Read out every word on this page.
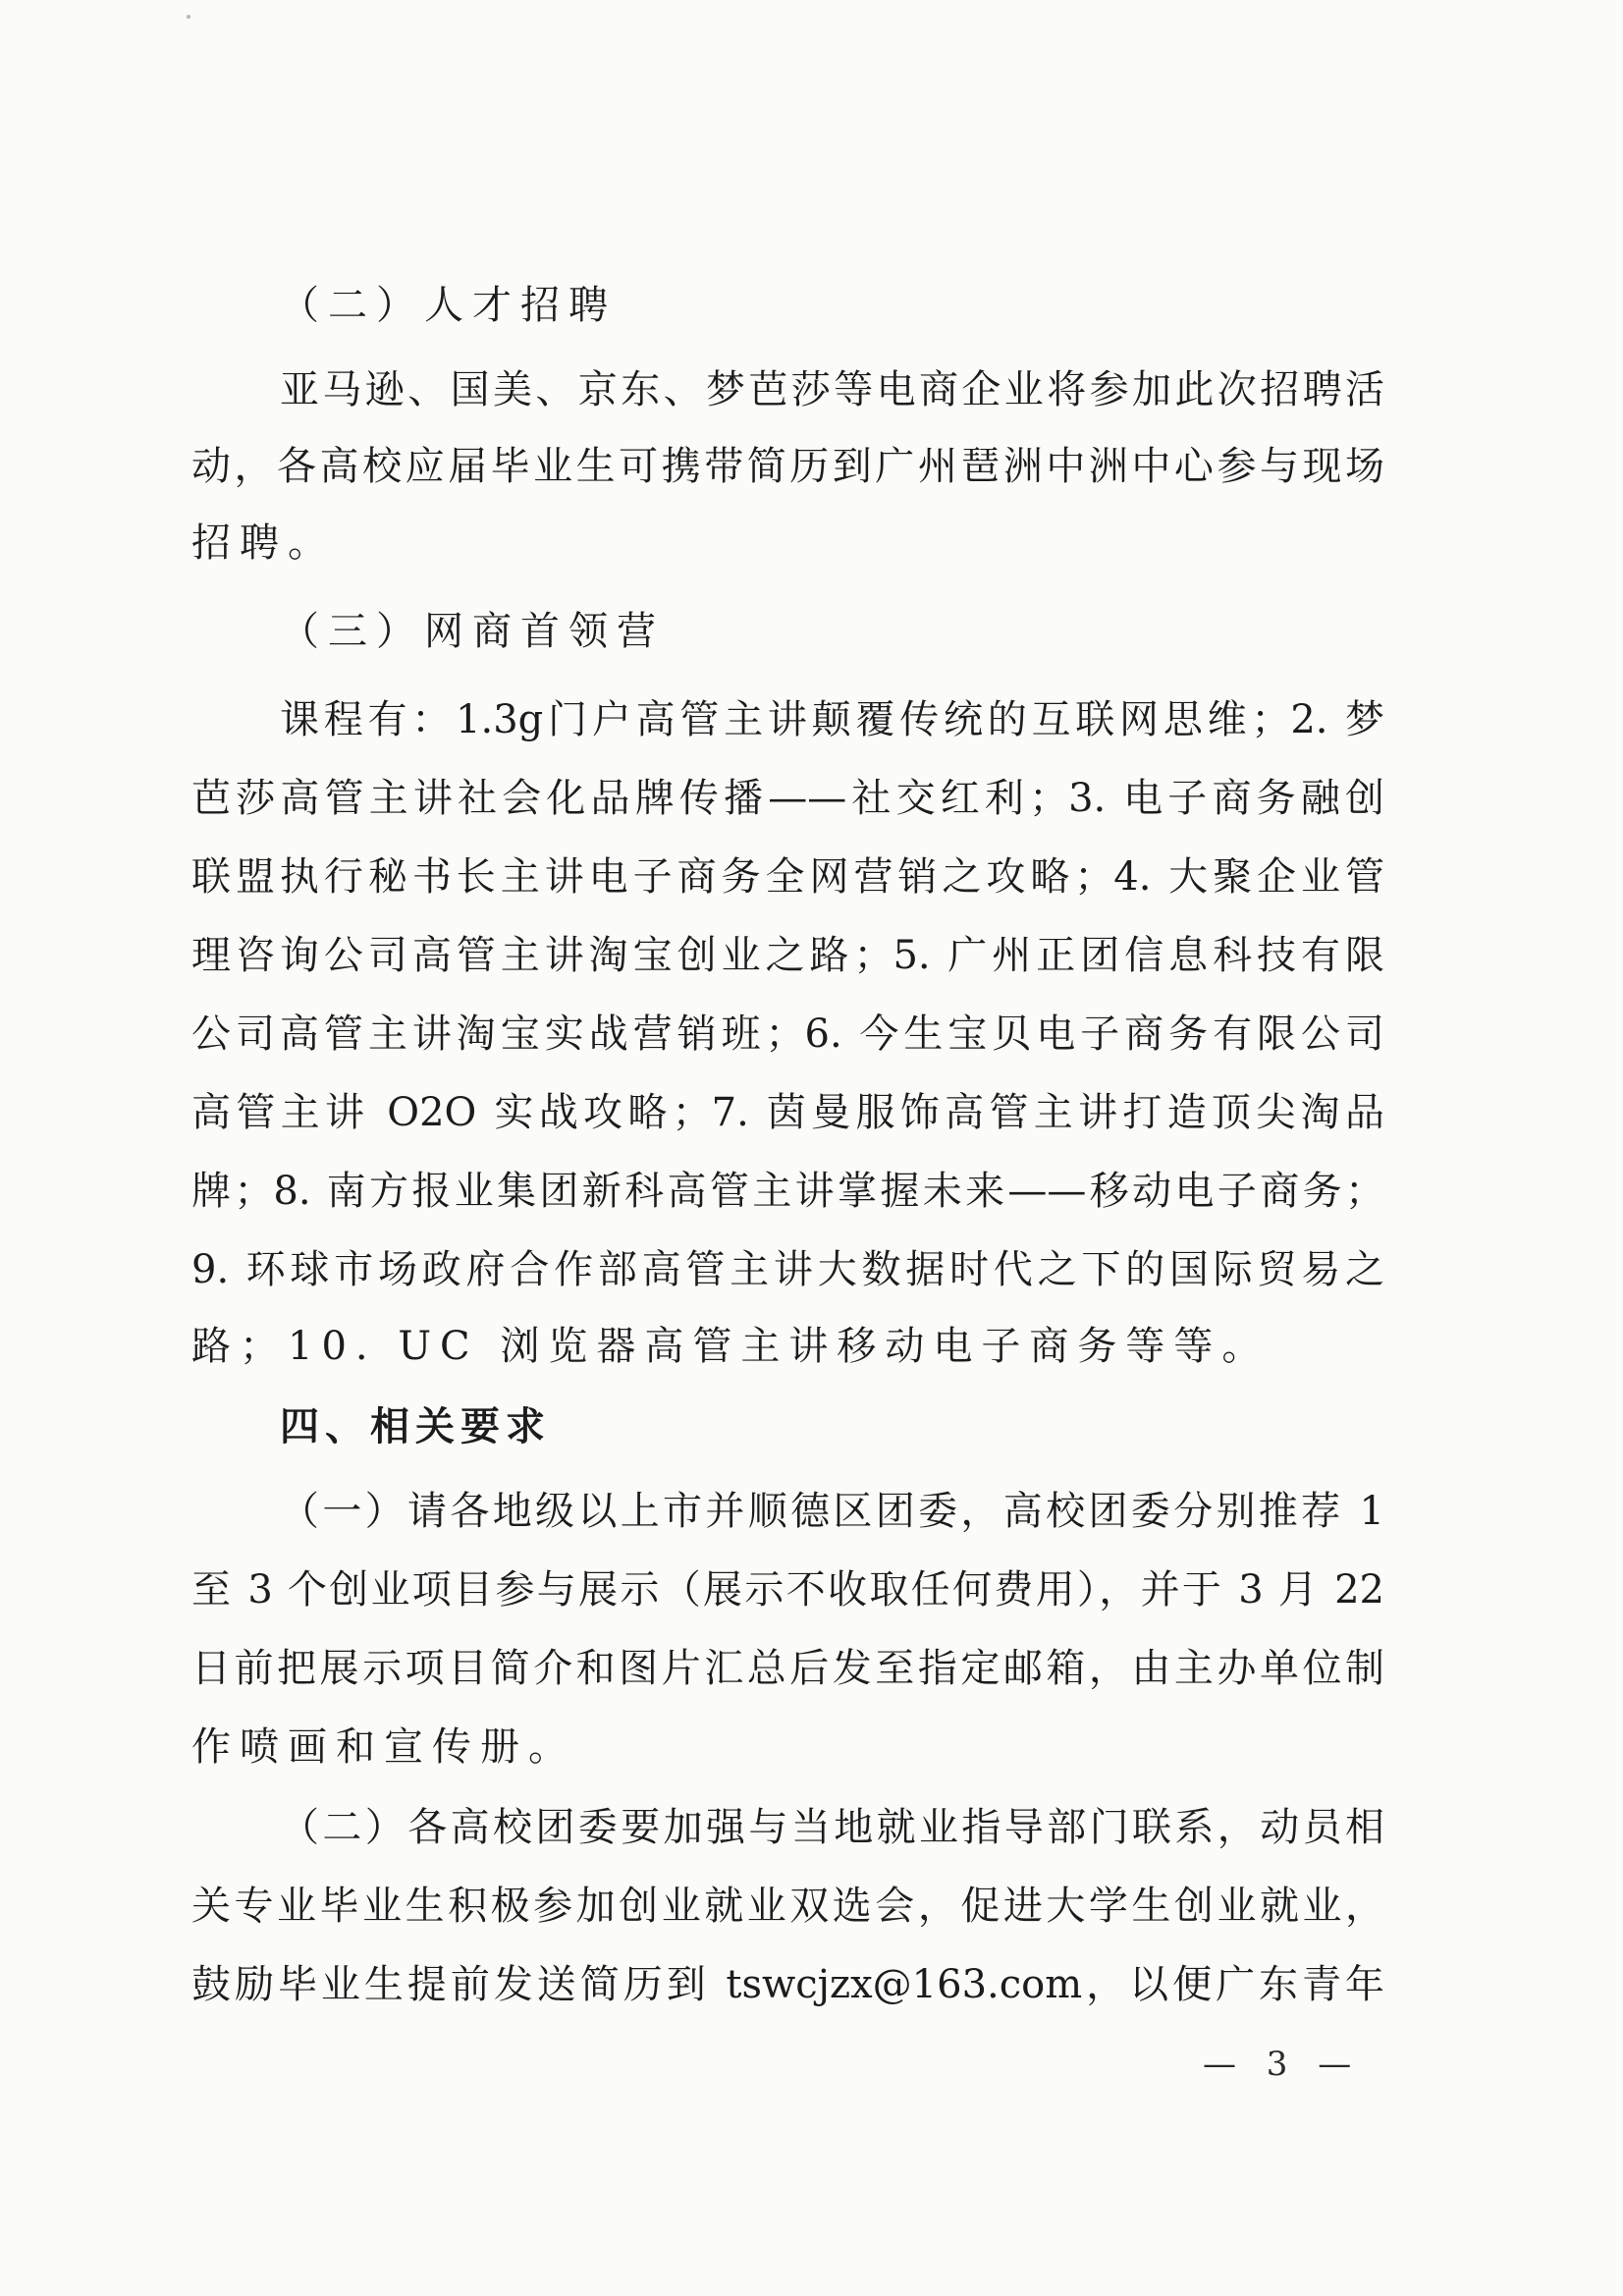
（二）人才招聘
亚马逊、国美、京东、梦芭莎等电商企业将参加此次招聘活
动，各高校应届毕业生可携带简历到广州琶洲中洲中心参与现场
招聘。
（三）网商首领营
课程有：1.3g门户高管主讲颠覆传统的互联网思维；2. 梦
芭莎高管主讲社会化品牌传播——社交红利；3. 电子商务融创
联盟执行秘书长主讲电子商务全网营销之攻略；4. 大聚企业管
理咨询公司高管主讲淘宝创业之路；5. 广州正团信息科技有限
公司高管主讲淘宝实战营销班；6. 今生宝贝电子商务有限公司
高管主讲 O2O 实战攻略；7. 茵曼服饰高管主讲打造顶尖淘品
牌；8. 南方报业集团新科高管主讲掌握未来——移动电子商务；
9. 环球市场政府合作部高管主讲大数据时代之下的国际贸易之
路；10. UC 浏览器高管主讲移动电子商务等等。
四、相关要求
（一）请各地级以上市并顺德区团委，高校团委分别推荐 1
至 3 个创业项目参与展示（展示不收取任何费用），并于 3 月 22
日前把展示项目简介和图片汇总后发至指定邮箱，由主办单位制
作喷画和宣传册。
（二）各高校团委要加强与当地就业指导部门联系，动员相
关专业毕业生积极参加创业就业双选会，促进大学生创业就业，
鼓励毕业生提前发送简历到 tswcjzx@163.com，以便广东青年
— 3 —
